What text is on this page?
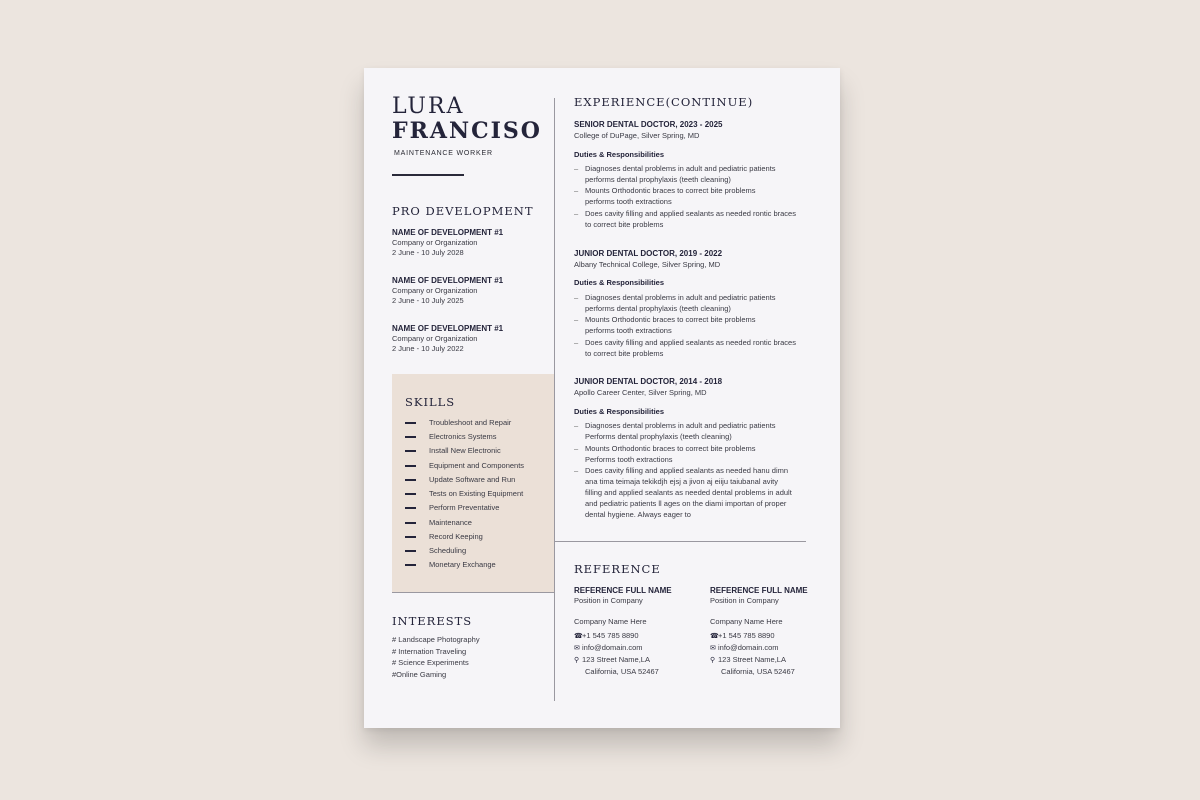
LURA
FRANCISO
MAINTENANCE WORKER
PRO DEVELOPMENT
NAME OF DEVELOPMENT #1
Company or Organization
2 June - 10 July 2028
NAME OF DEVELOPMENT #1
Company or Organization
2 June - 10 July 2025
NAME OF DEVELOPMENT #1
Company or Organization
2 June - 10 July 2022
SKILLS
Troubleshoot and Repair
Electronics Systems
Install New Electronic
Equipment and Components
Update Software and Run
Tests on Existing Equipment
Perform Preventative
Maintenance
Record Keeping
Scheduling
Monetary Exchange
INTERESTS
# Landscape Photography
# Internation Traveling
# Science Experiments
#Online Gaming
EXPERIENCE(CONTINUE)
SENIOR DENTAL DOCTOR, 2023 - 2025
College of DuPage, Silver Spring, MD
Duties & Responsibilities
– Diagnoses dental problems in adult and pediatric patients
performs dental prophylaxis (teeth cleaning)
– Mounts Orthodontic braces to correct bite problems
performs tooth extractions
– Does cavity filling and applied sealants as needed rontic braces
to correct bite problems
JUNIOR DENTAL DOCTOR, 2019 - 2022
Albany Technical College, Silver Spring, MD
Duties & Responsibilities
– Diagnoses dental problems in adult and pediatric patients
performs dental prophylaxis (teeth cleaning)
– Mounts Orthodontic braces to correct bite problems
performs tooth extractions
– Does cavity filling and applied sealants as needed rontic braces
to correct bite problems
JUNIOR DENTAL DOCTOR, 2014 - 2018
Apollo Career Center, Silver Spring, MD
Duties & Responsibilities
– Diagnoses dental problems in adult and pediatric patients
Performs dental prophylaxis (teeth cleaning)
– Mounts Orthodontic braces to correct bite problems
Performs tooth extractions
– Does cavity filling and applied sealants as needed hanu dimn
ana tima teimaja tekikdjh ejsj a jivon aj eiiju taiubanal avity
filling and applied sealants as needed dental problems in adult
and pediatric patients ll ages on the diami importan of proper
dental hygiene. Always eager to
REFERENCE
REFERENCE FULL NAME
Position in Company
Company Name Here
☎+1 545 785 8890
✉ info@domain.com
⚲ 123 Street Name,LA
California, USA 52467
REFERENCE FULL NAME
Position in Company
Company Name Here
☎+1 545 785 8890
✉ info@domain.com
⚲ 123 Street Name,LA
California, USA 52467
